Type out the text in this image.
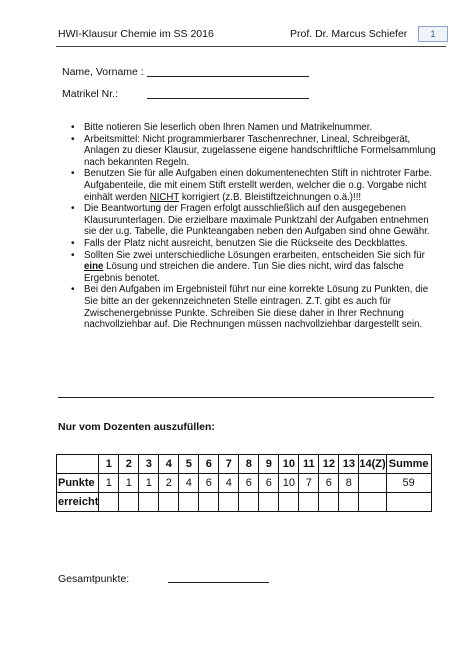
HWI-Klausur Chemie im SS 2016	Prof. Dr. Marcus Schiefer	1
Name, Vorname :
Matrikel Nr.:
• Bitte notieren Sie leserlich oben Ihren Namen und Matrikelnummer.
• Arbeitsmittel: Nicht programmierbarer Taschenrechner, Lineal, Schreibgerät, Anlagen zu dieser Klausur, zugelassene eigene handschriftliche Formelsammlung nach bekannten Regeln.
• Benutzen Sie für alle Aufgaben einen dokumentenechten Stift in nichtroter Farbe. Aufgabenteile, die mit einem Stift erstellt werden, welcher die o.g. Vorgabe nicht einhält werden NICHT korrigiert (z.B. Bleistiftzeichnungen o.ä.)!!!
• Die Beantwortung der Fragen erfolgt ausschließlich auf den ausgegebenen Klausurunterlagen. Die erzielbare maximale Punktzahl der Aufgaben entnehmen sie der u.g. Tabelle, die Punkteangaben neben den Aufgaben sind ohne Gewähr.
• Falls der Platz nicht ausreicht, benutzen Sie die Rückseite des Deckblattes.
• Sollten Sie zwei unterschiedliche Lösungen erarbeiten, entscheiden Sie sich für eine Lösung und streichen die andere. Tun Sie dies nicht, wird das falsche Ergebnis benotet.
• Bei den Aufgaben im Ergebnisteil führt nur eine korrekte Lösung zu Punkten, die Sie bitte an der gekennzeichneten Stelle eintragen. Z.T. gibt es auch für Zwischenergebnisse Punkte. Schreiben Sie diese daher in Ihrer Rechnung nachvollziehbar auf. Die Rechnungen müssen nachvollziehbar dargestellt sein.
Nur vom Dozenten auszufüllen:
	1	2	3	4	5	6	7	8	9	10	11	12	13	14(Z)	Summe
Punkte	1	1	1	2	4	6	4	6	6	10	7	6	8		59
erreicht															
Gesamtpunkte:
